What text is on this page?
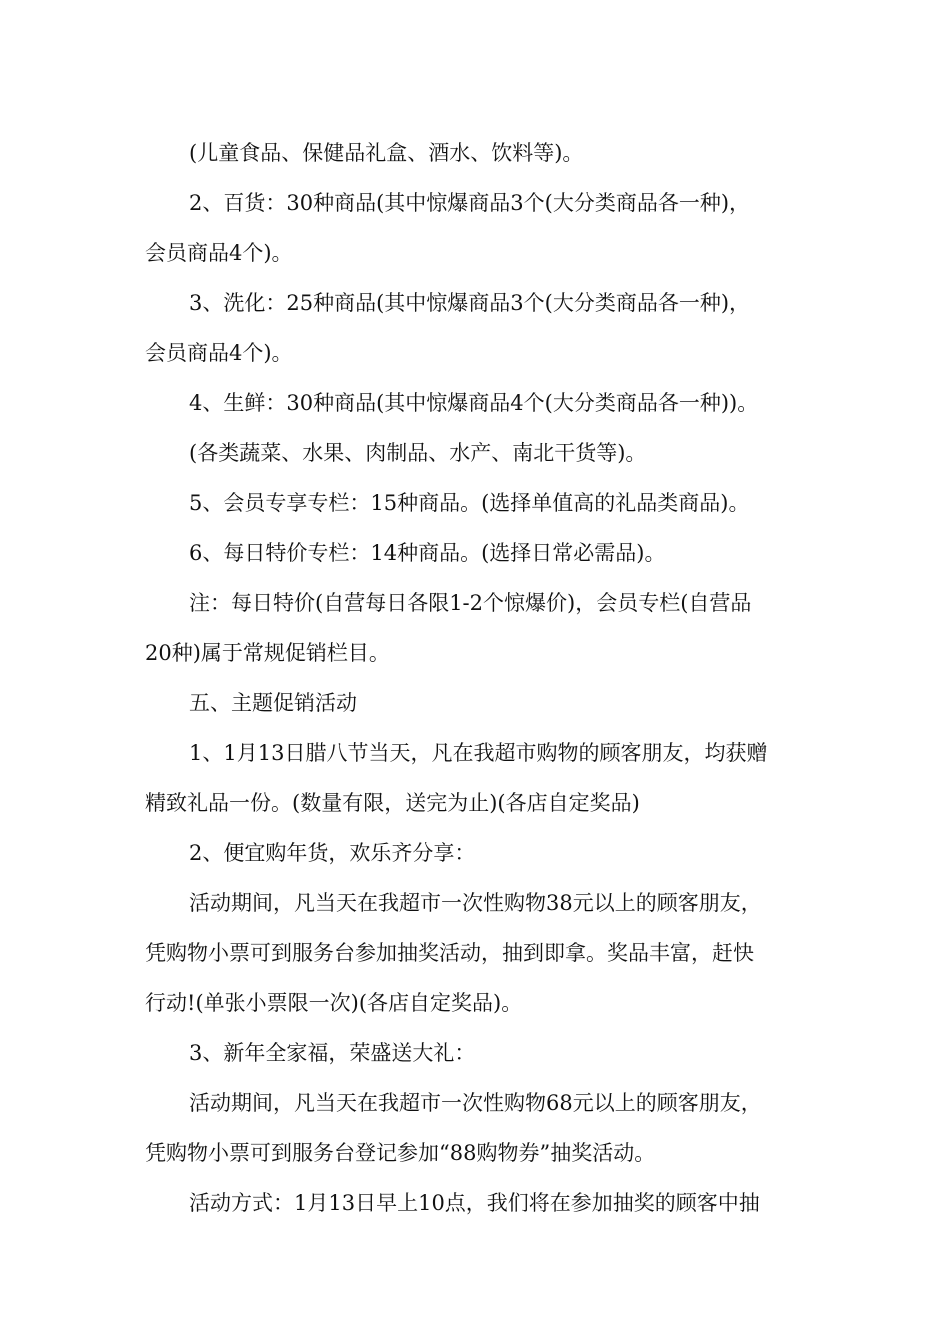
(儿童食品、保健品礼盒、酒水、饮料等)。
2、百货：30种商品(其中惊爆商品3个(大分类商品各一种)，
会员商品4个)。
3、洗化：25种商品(其中惊爆商品3个(大分类商品各一种)，
会员商品4个)。
4、生鲜：30种商品(其中惊爆商品4个(大分类商品各一种))。
(各类蔬菜、水果、肉制品、水产、南北干货等)。
5、会员专享专栏：15种商品。(选择单值高的礼品类商品)。
6、每日特价专栏：14种商品。(选择日常必需品)。
注：每日特价(自营每日各限1-2个惊爆价)，会员专栏(自营品
20种)属于常规促销栏目。
五、主题促销活动
1、1月13日腊八节当天，凡在我超市购物的顾客朋友，均获赠
精致礼品一份。(数量有限，送完为止)(各店自定奖品)
2、便宜购年货，欢乐齐分享：
活动期间，凡当天在我超市一次性购物38元以上的顾客朋友，
凭购物小票可到服务台参加抽奖活动，抽到即拿。奖品丰富，赶快
行动!(单张小票限一次)(各店自定奖品)。
3、新年全家福，荣盛送大礼：
活动期间，凡当天在我超市一次性购物68元以上的顾客朋友，
凭购物小票可到服务台登记参加“88购物券”抽奖活动。
活动方式：1月13日早上10点，我们将在参加抽奖的顾客中抽
